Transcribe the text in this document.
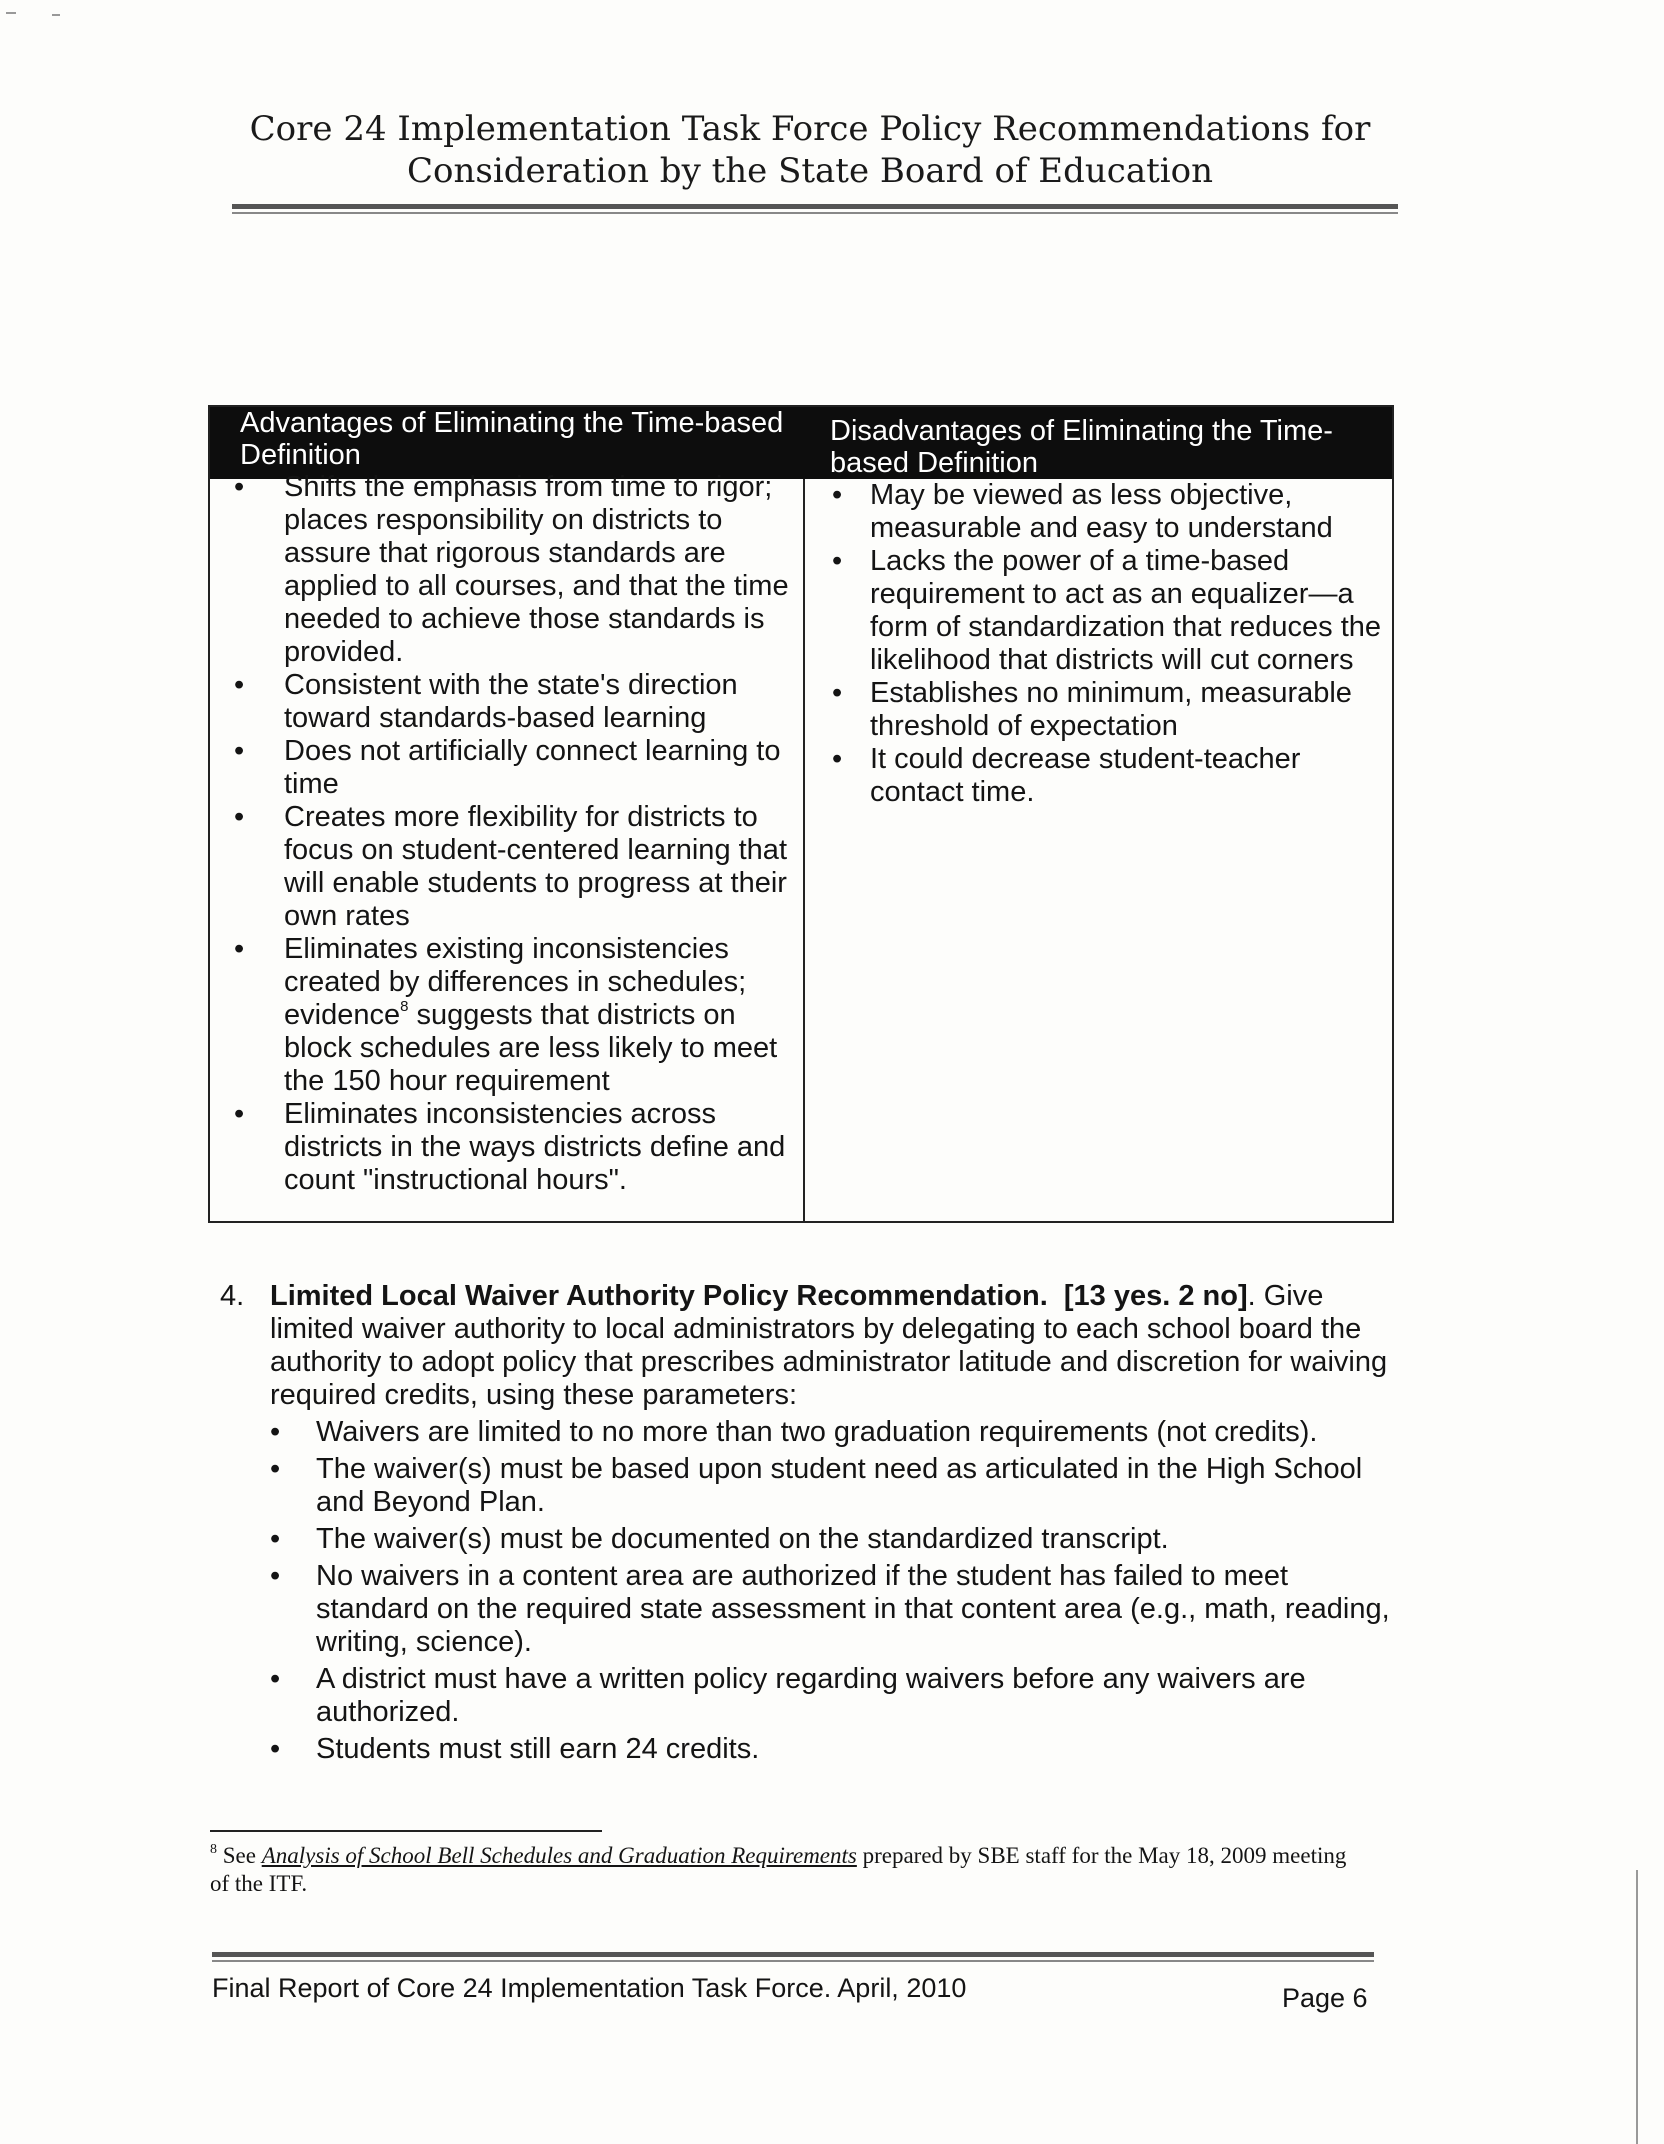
Core 24 Implementation Task Force Policy Recommendations for
Consideration by the State Board of Education
Advantages of Eliminating the Time-based Definition
Disadvantages of Eliminating the Time-based Definition
• Shifts the emphasis from time to rigor; places responsibility on districts to assure that rigorous standards are applied to all courses, and that the time needed to achieve those standards is provided.
• Consistent with the state's direction toward standards-based learning
• Does not artificially connect learning to time
• Creates more flexibility for districts to focus on student-centered learning that will enable students to progress at their own rates
• Eliminates existing inconsistencies created by differences in schedules; evidence$^8$ suggests that districts on block schedules are less likely to meet the 150 hour requirement
• Eliminates inconsistencies across districts in the ways districts define and count "instructional hours".
• May be viewed as less objective, measurable and easy to understand
• Lacks the power of a time-based requirement to act as an equalizer—a form of standardization that reduces the likelihood that districts will cut corners
• Establishes no minimum, measurable threshold of expectation
• It could decrease student-teacher contact time.
4. Limited Local Waiver Authority Policy Recommendation. [13 yes. 2 no]. Give limited waiver authority to local administrators by delegating to each school board the authority to adopt policy that prescribes administrator latitude and discretion for waiving required credits, using these parameters:
• Waivers are limited to no more than two graduation requirements (not credits).
• The waiver(s) must be based upon student need as articulated in the High School and Beyond Plan.
• The waiver(s) must be documented on the standardized transcript.
• No waivers in a content area are authorized if the student has failed to meet standard on the required state assessment in that content area (e.g., math, reading, writing, science).
• A district must have a written policy regarding waivers before any waivers are authorized.
• Students must still earn 24 credits.
$^8$ See Analysis of School Bell Schedules and Graduation Requirements prepared by SBE staff for the May 18, 2009 meeting of the ITF.
Final Report of Core 24 Implementation Task Force. April, 2010	Page 6
